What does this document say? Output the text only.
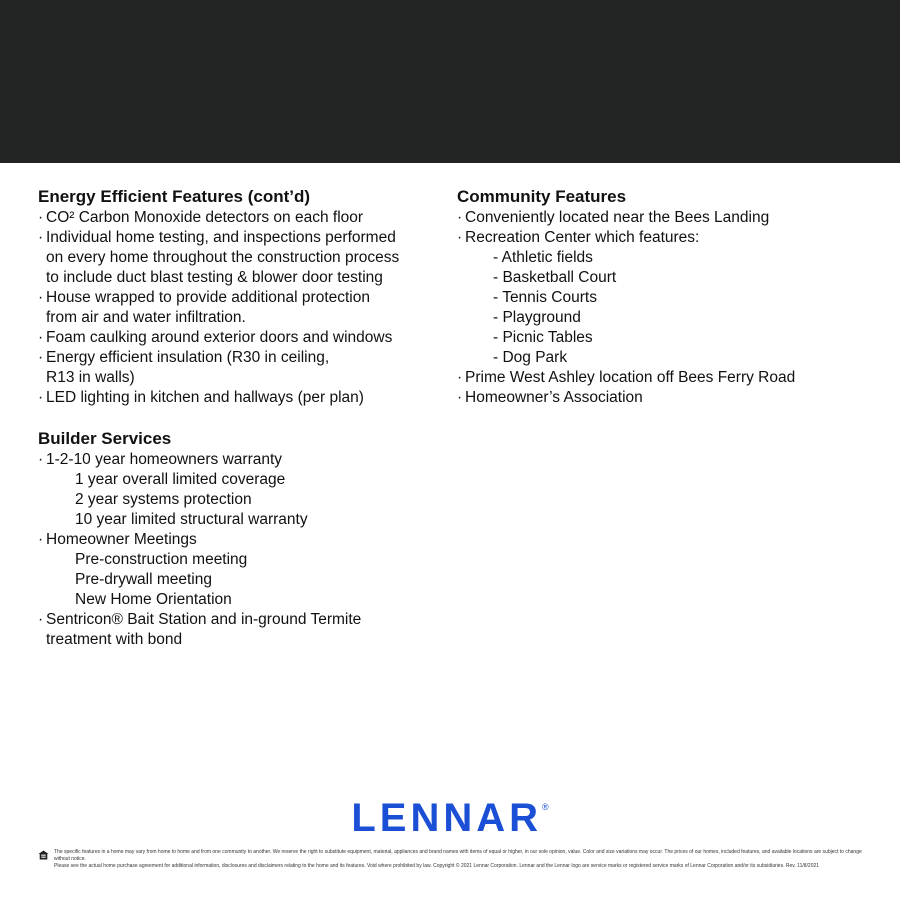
Energy Efficient Features (cont’d)
· CO² Carbon Monoxide detectors on each floor
· Individual home testing, and inspections performed
on every home throughout the construction process
to include duct blast testing & blower door testing
· House wrapped to provide additional protection
from air and water infiltration.
· Foam caulking around exterior doors and windows
· Energy efficient insulation (R30 in ceiling,
R13 in walls)
· LED lighting in kitchen and hallways (per plan)
Builder Services
· 1-2-10 year homeowners warranty
1 year overall limited coverage
2 year systems protection
10 year limited structural warranty
· Homeowner Meetings
Pre-construction meeting
Pre-drywall meeting
New Home Orientation
· Sentricon® Bait Station and in-ground Termite
treatment with bond
Community Features
· Conveniently located near the Bees Landing
· Recreation Center which features:
- Athletic fields
- Basketball Court
- Tennis Courts
- Playground
- Picnic Tables
- Dog Park
· Prime West Ashley location off Bees Ferry Road
· Homeowner’s Association
LENNAR®
The specific features in a home may vary from home to home and from one community to another. We reserve the right to substitute equipment, material, appliances and brand names with items of equal or higher, in our sole opinion, value. Color and size variations may occur. The prices of our homes, included features, and available locations are subject to change without notice.
Please see the actual home purchase agreement for additional information, disclosures and disclaimers relating to the home and its features. Void where prohibited by law. Copyright © 2021 Lennar Corporation. Lennar and the Lennar logo are service marks or registered service marks of Lennar Corporation and/or its subsidiaries. Rev. 11/8/2021
